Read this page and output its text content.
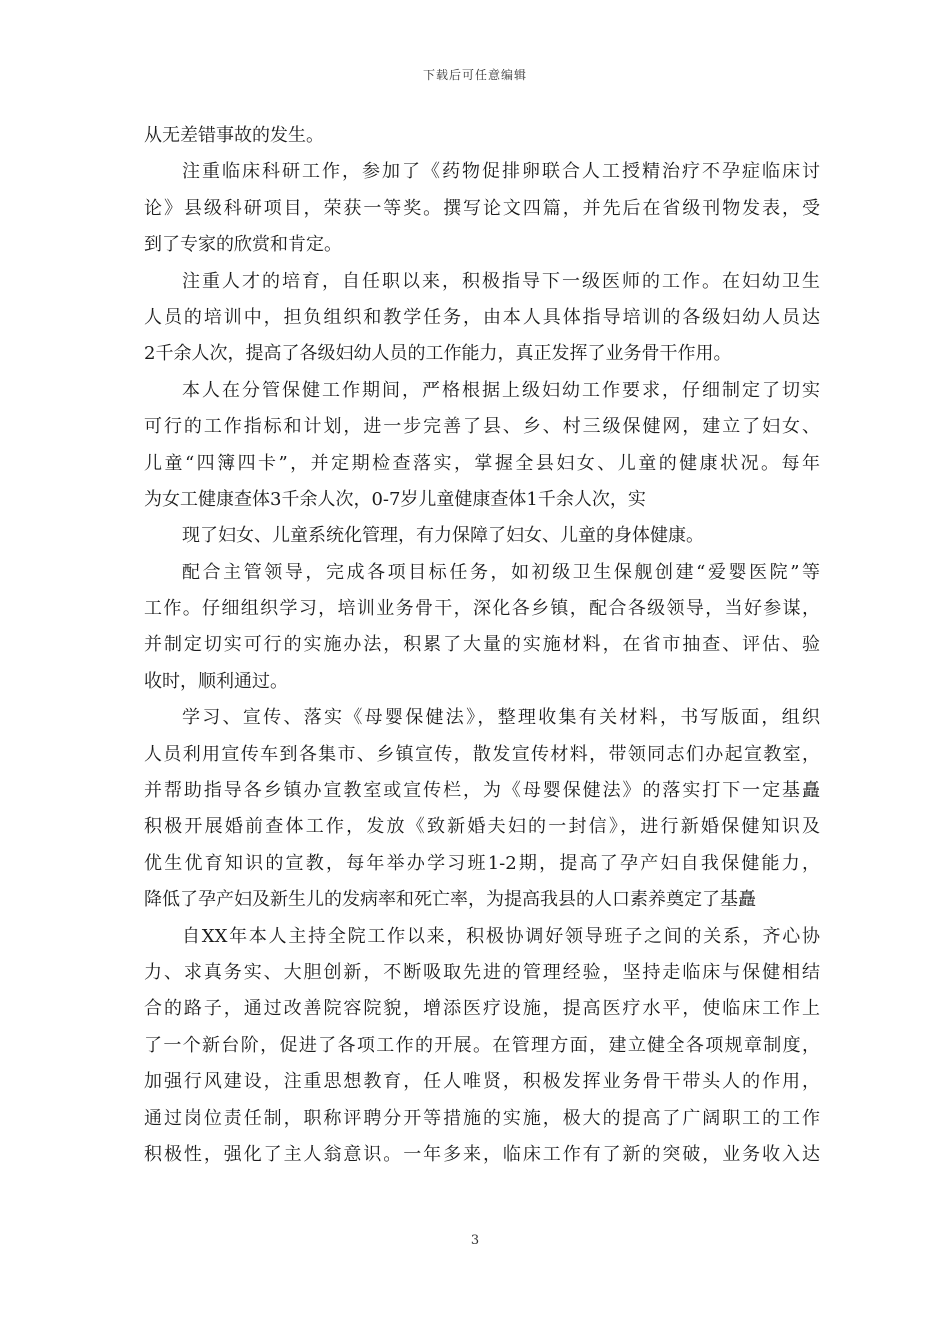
下载后可任意编辑
从无差错事故的发生。
注重临床科研工作，参加了《药物促排卵联合人工授精治疗不孕症临床讨
论》县级科研项目，荣获一等奖。撰写论文四篇，并先后在省级刊物发表，受
到了专家的欣赏和肯定。
注重人才的培育，自任职以来，积极指导下一级医师的工作。在妇幼卫生
人员的培训中，担负组织和教学任务，由本人具体指导培训的各级妇幼人员达
2千余人次，提高了各级妇幼人员的工作能力，真正发挥了业务骨干作用。
本人在分管保健工作期间，严格根据上级妇幼工作要求，仔细制定了切实
可行的工作指标和计划，进一步完善了县、乡、村三级保健网，建立了妇女、
儿童“四簿四卡”，并定期检查落实，掌握全县妇女、儿童的健康状况。每年
为女工健康查体3千余人次，0-7岁儿童健康查体1千余人次，实
现了妇女、儿童系统化管理，有力保障了妇女、儿童的身体健康。
配合主管领导，完成各项目标任务，如初级卫生保舰创建“爱婴医院”等
工作。仔细组织学习，培训业务骨干，深化各乡镇，配合各级领导，当好参谋，
并制定切实可行的实施办法，积累了大量的实施材料，在省市抽查、评估、验
收时，顺利通过。
学习、宣传、落实《母婴保健法》，整理收集有关材料，书写版面，组织
人员利用宣传车到各集市、乡镇宣传，散发宣传材料，带领同志们办起宣教室，
并帮助指导各乡镇办宣教室或宣传栏，为《母婴保健法》的落实打下一定基矗
积极开展婚前查体工作，发放《致新婚夫妇的一封信》，进行新婚保健知识及
优生优育知识的宣教，每年举办学习班1-2期，提高了孕产妇自我保健能力，
降低了孕产妇及新生儿的发病率和死亡率，为提高我县的人口素养奠定了基矗
自XX年本人主持全院工作以来，积极协调好领导班子之间的关系，齐心协
力、求真务实、大胆创新，不断吸取先进的管理经验，坚持走临床与保健相结
合的路子，通过改善院容院貌，增添医疗设施，提高医疗水平，使临床工作上
了一个新台阶，促进了各项工作的开展。在管理方面，建立健全各项规章制度，
加强行风建设，注重思想教育，任人唯贤，积极发挥业务骨干带头人的作用，
通过岗位责任制，职称评聘分开等措施的实施，极大的提高了广阔职工的工作
积极性，强化了主人翁意识。一年多来，临床工作有了新的突破，业务收入达
3
